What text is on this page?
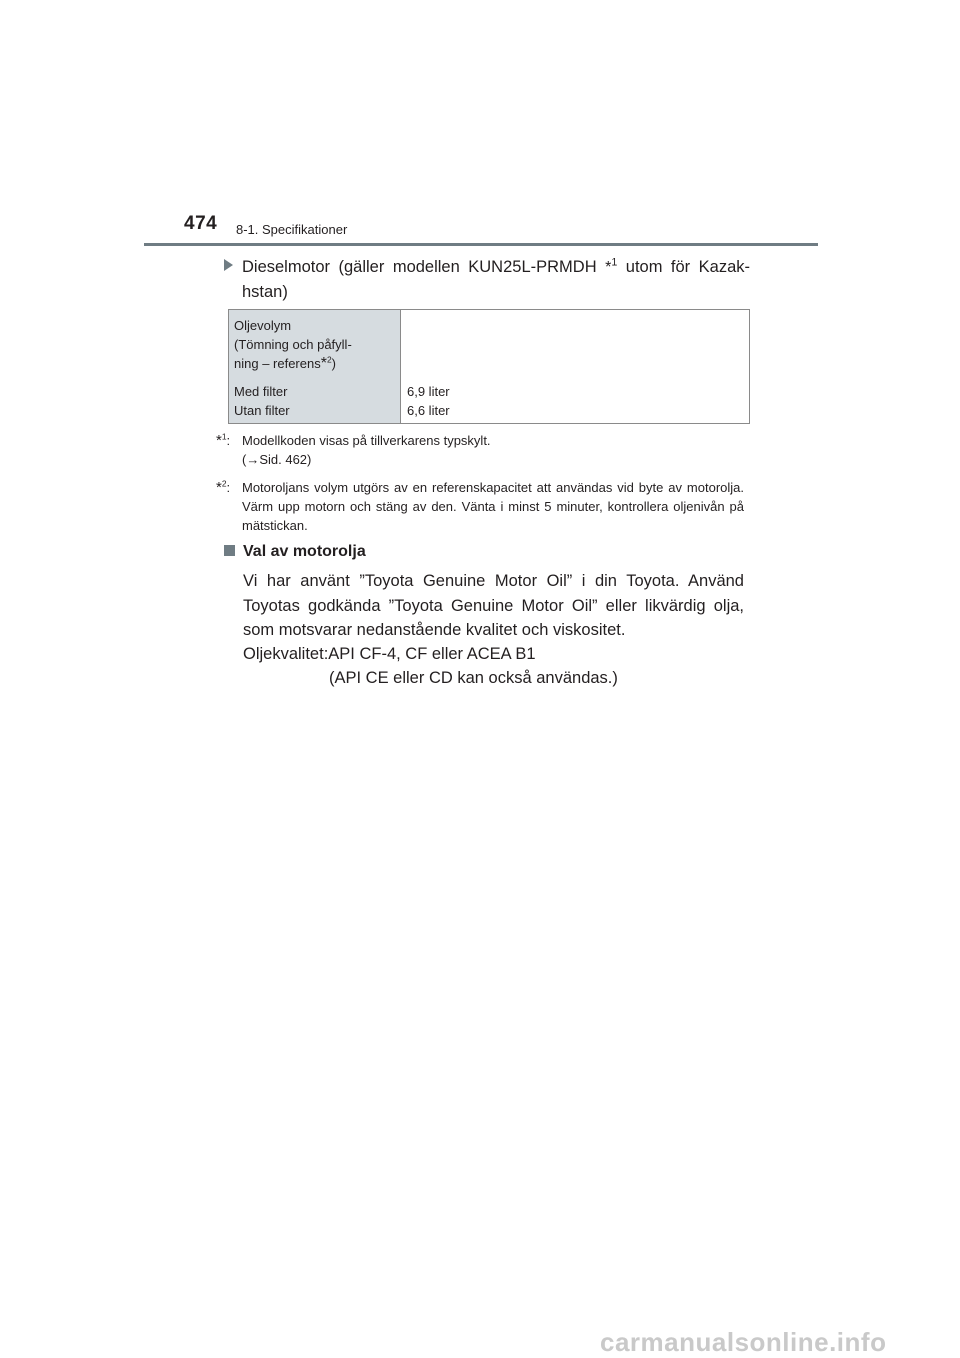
474 8-1. Specifikationer
Dieselmotor (gäller modellen KUN25L-PRMDH *$^1$ utom för Kazak-hstan)
Oljevolym
(Tömning och påfyll-
ning – referens*$^2$)
Med filter
Utan filter
6,9 liter
6,6 liter
*$^1$: Modellkoden visas på tillverkarens typskylt.
(→Sid. 462)
*$^2$: Motoroljans volym utgörs av en referenskapacitet att användas vid byte av motorolja. Värm upp motorn och stäng av den. Vänta i minst 5 minuter, kontrollera oljenivån på mätstickan.
Val av motorolja
Vi har använt ”Toyota Genuine Motor Oil” i din Toyota. Använd Toyotas godkända ”Toyota Genuine Motor Oil” eller likvärdig olja, som motsvarar nedanstående kvalitet och viskositet.
Oljekvalitet:API CF-4, CF eller ACEA B1
(API CE eller CD kan också användas.)
carmanualsonline.info
